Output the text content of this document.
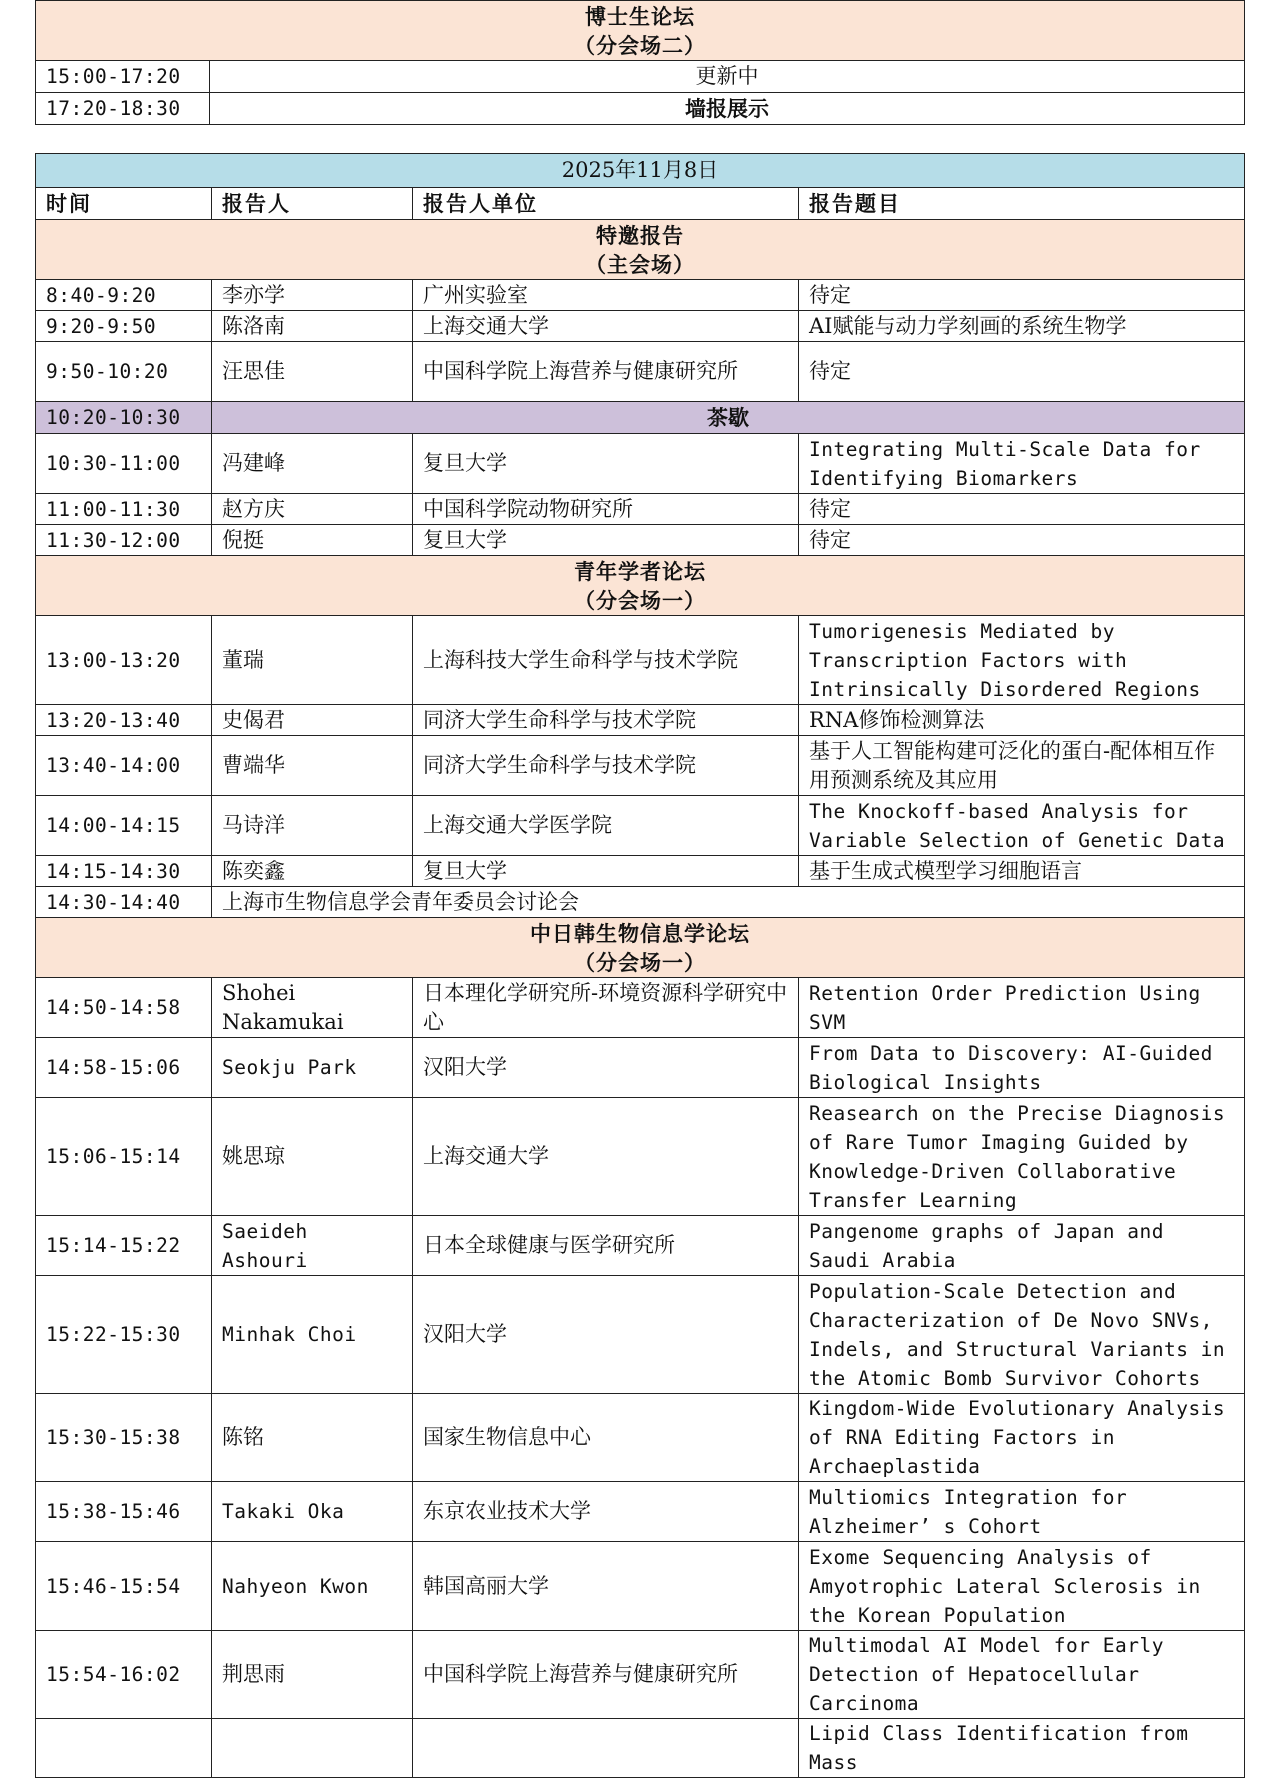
博士生论坛
（分会场二）	

15:00-17:20	更新中
17:20-18:30	墙报展示
2025年11月8日			
时间	报告人	报告人单位	报告题目

特邀报告
（主会场）			

8:40-9:20	李亦学	广州实验室	待定
9:20-9:50	陈洛南	上海交通大学	AI赋能与动力学刻画的系统生物学
9:50-10:20	汪思佳	中国科学院上海营养与健康研究所	待定
10:20-10:30	茶歇		
10:30-11:00	冯建峰	复旦大学	Integrating Multi-Scale Data for Identifying Biomarkers
11:00-11:30	赵方庆	中国科学院动物研究所	待定
11:30-12:00	倪挺	复旦大学	待定

青年学者论坛
（分会场一）			

13:00-13:20	董瑞	上海科技大学生命科学与技术学院	Tumorigenesis Mediated by Transcription Factors with Intrinsically Disordered Regions
13:20-13:40	史偈君	同济大学生命科学与技术学院	RNA修饰检测算法
13:40-14:00	曹端华	同济大学生命科学与技术学院	基于人工智能构建可泛化的蛋白-配体相互作用预测系统及其应用
14:00-14:15	马诗洋	上海交通大学医学院	The Knockoff-based Analysis for Variable Selection of Genetic Data
14:15-14:30	陈奕鑫	复旦大学	基于生成式模型学习细胞语言
14:30-14:40	上海市生物信息学会青年委员会讨论会		

中日韩生物信息学论坛
（分会场一）			

14:50-14:58	Shohei Nakamukai	日本理化学研究所-环境资源科学研究中心	Retention Order Prediction Using SVM
14:58-15:06	Seokju Park	汉阳大学	From Data to Discovery: AI-Guided Biological Insights
15:06-15:14	姚思琼	上海交通大学	Reasearch on the Precise Diagnosis of Rare Tumor Imaging Guided by Knowledge-Driven Collaborative Transfer Learning
15:14-15:22	Saeideh Ashouri	日本全球健康与医学研究所	Pangenome graphs of Japan and Saudi Arabia
15:22-15:30	Minhak Choi	汉阳大学	Population-Scale Detection and Characterization of De Novo SNVs, Indels, and Structural Variants in the Atomic Bomb Survivor Cohorts
15:30-15:38	陈铭	国家生物信息中心	Kingdom-Wide Evolutionary Analysis of RNA Editing Factors in Archaeplastida
15:38-15:46	Takaki Oka	东京农业技术大学	Multiomics Integration for Alzheimer’ s Cohort
15:46-15:54	Nahyeon Kwon	韩国高丽大学	Exome Sequencing Analysis of Amyotrophic Lateral Sclerosis in the Korean Population
15:54-16:02	荆思雨	中国科学院上海营养与健康研究所	Multimodal AI Model for Early Detection of Hepatocellular Carcinoma
			Lipid Class Identification from Mass
